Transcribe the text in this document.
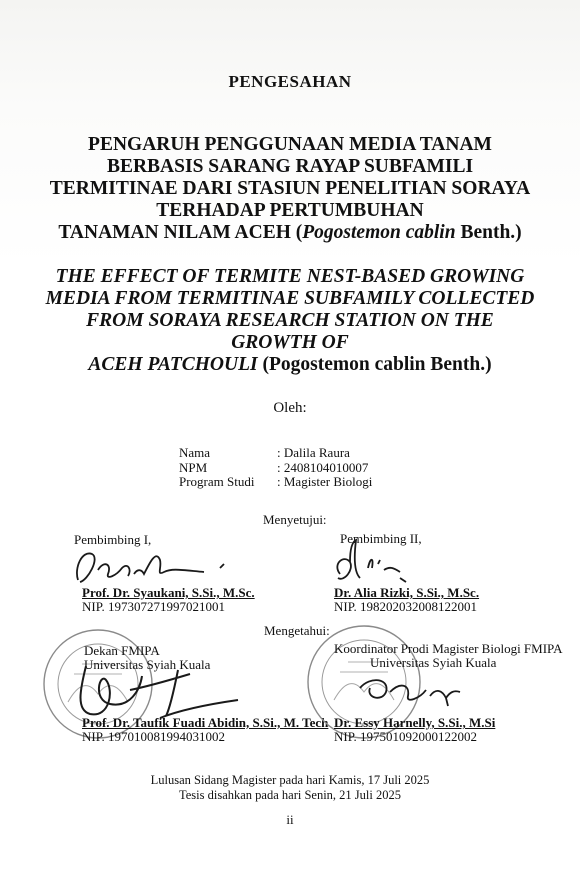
PENGESAHAN
PENGARUH PENGGUNAAN MEDIA TANAM
BERBASIS SARANG RAYAP SUBFAMILI
TERMITINAE DARI STASIUN PENELITIAN SORAYA
TERHADAP PERTUMBUHAN
TANAMAN NILAM ACEH (Pogostemon cablin Benth.)
THE EFFECT OF TERMITE NEST-BASED GROWING
MEDIA FROM TERMITINAE SUBFAMILY COLLECTED
FROM SORAYA RESEARCH STATION ON THE
GROWTH OF
ACEH PATCHOULI (Pogostemon cablin Benth.)
Oleh:
Nama	: Dalila Raura
NPM	: 2408104010007
Program Studi	: Magister Biologi
Menyetujui:
Pembimbing I,
Prof. Dr. Syaukani, S.Si., M.Sc.
NIP. 197307271997021001
Pembimbing II,
Dr. Alia Rizki, S.Si., M.Sc.
NIP. 198202032008122001
Mengetahui:
Dekan FMIPA
Universitas Syiah Kuala
Prof. Dr. Taufik Fuadi Abidin, S.Si., M. Tech
NIP. 197010081994031002
Koordinator Prodi Magister Biologi FMIPA
Universitas Syiah Kuala
Dr. Essy Harnelly, S.Si., M.Si
NIP. 197501092000122002
Lulusan Sidang Magister pada hari Kamis, 17 Juli 2025
Tesis disahkan pada hari Senin, 21 Juli 2025
ii
